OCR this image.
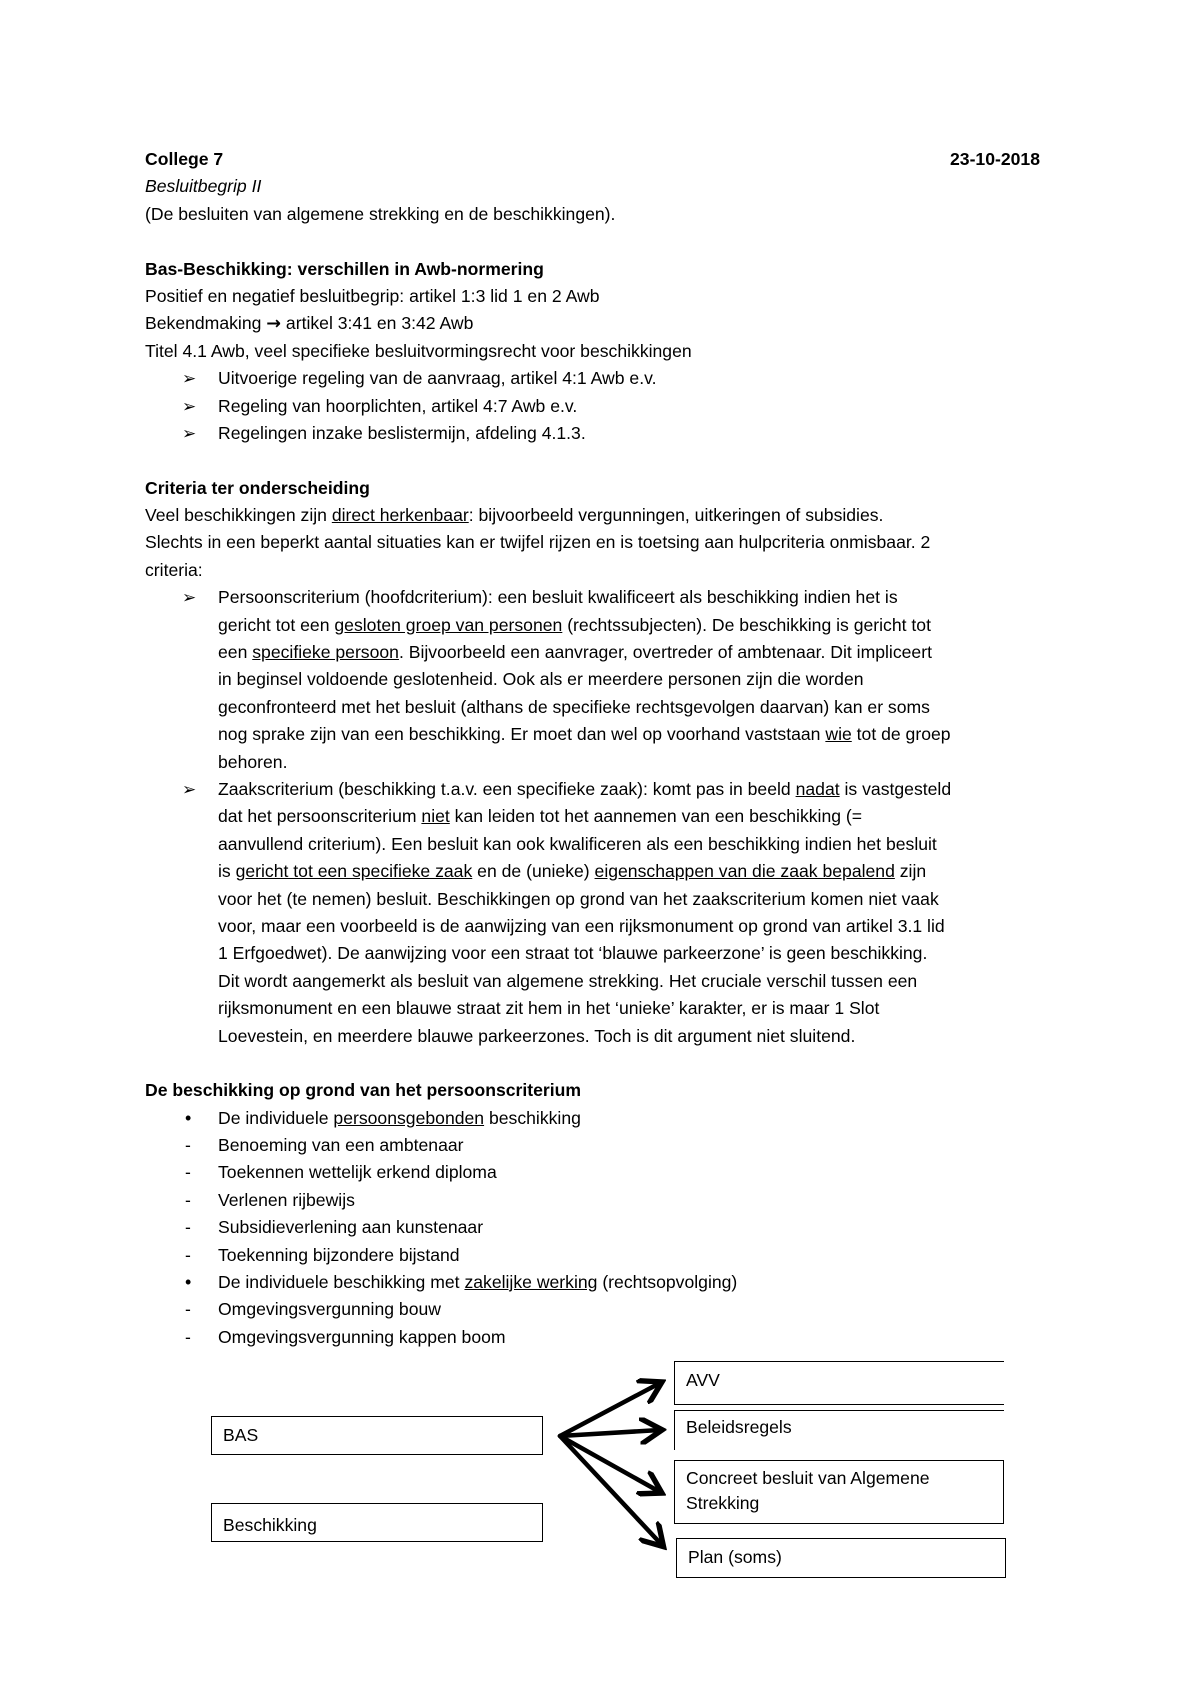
College 7	23-10-2018
Besluitbegrip II
(De besluiten van algemene strekking en de beschikkingen).
Bas-Beschikking: verschillen in Awb-normering
Positief en negatief besluitbegrip: artikel 1:3 lid 1 en 2 Awb
Bekendmaking → artikel 3:41 en 3:42 Awb
Titel 4.1 Awb, veel specifieke besluitvormingsrecht voor beschikkingen
➢ Uitvoerige regeling van de aanvraag, artikel 4:1 Awb e.v.
➢ Regeling van hoorplichten, artikel 4:7 Awb e.v.
➢ Regelingen inzake beslistermijn, afdeling 4.1.3.
Criteria ter onderscheiding
Veel beschikkingen zijn direct herkenbaar: bijvoorbeeld vergunningen, uitkeringen of subsidies.
Slechts in een beperkt aantal situaties kan er twijfel rijzen en is toetsing aan hulpcriteria onmisbaar. 2
criteria:
➢ Persoonscriterium (hoofdcriterium): een besluit kwalificeert als beschikking indien het is
gericht tot een gesloten groep van personen (rechtssubjecten). De beschikking is gericht tot
een specifieke persoon. Bijvoorbeeld een aanvrager, overtreder of ambtenaar. Dit impliceert
in beginsel voldoende geslotenheid. Ook als er meerdere personen zijn die worden
geconfronteerd met het besluit (althans de specifieke rechtsgevolgen daarvan) kan er soms
nog sprake zijn van een beschikking. Er moet dan wel op voorhand vaststaan wie tot de groep
behoren.
➢ Zaakscriterium (beschikking t.a.v. een specifieke zaak): komt pas in beeld nadat is vastgesteld
dat het persoonscriterium niet kan leiden tot het aannemen van een beschikking (=
aanvullend criterium). Een besluit kan ook kwalificeren als een beschikking indien het besluit
is gericht tot een specifieke zaak en de (unieke) eigenschappen van die zaak bepalend zijn
voor het (te nemen) besluit. Beschikkingen op grond van het zaakscriterium komen niet vaak
voor, maar een voorbeeld is de aanwijzing van een rijksmonument op grond van artikel 3.1 lid
1 Erfgoedwet). De aanwijzing voor een straat tot ‘blauwe parkeerzone’ is geen beschikking.
Dit wordt aangemerkt als besluit van algemene strekking. Het cruciale verschil tussen een
rijksmonument en een blauwe straat zit hem in het ‘unieke’ karakter, er is maar 1 Slot
Loevestein, en meerdere blauwe parkeerzones. Toch is dit argument niet sluitend.
De beschikking op grond van het persoonscriterium
• De individuele persoonsgebonden beschikking
- Benoeming van een ambtenaar
- Toekennen wettelijk erkend diploma
- Verlenen rijbewijs
- Subsidieverlening aan kunstenaar
- Toekenning bijzondere bijstand
• De individuele beschikking met zakelijke werking (rechtsopvolging)
- Omgevingsvergunning bouw
- Omgevingsvergunning kappen boom
BAS
Beschikking
AVV
Beleidsregels
Concreet besluit van Algemene Strekking
Plan (soms)
